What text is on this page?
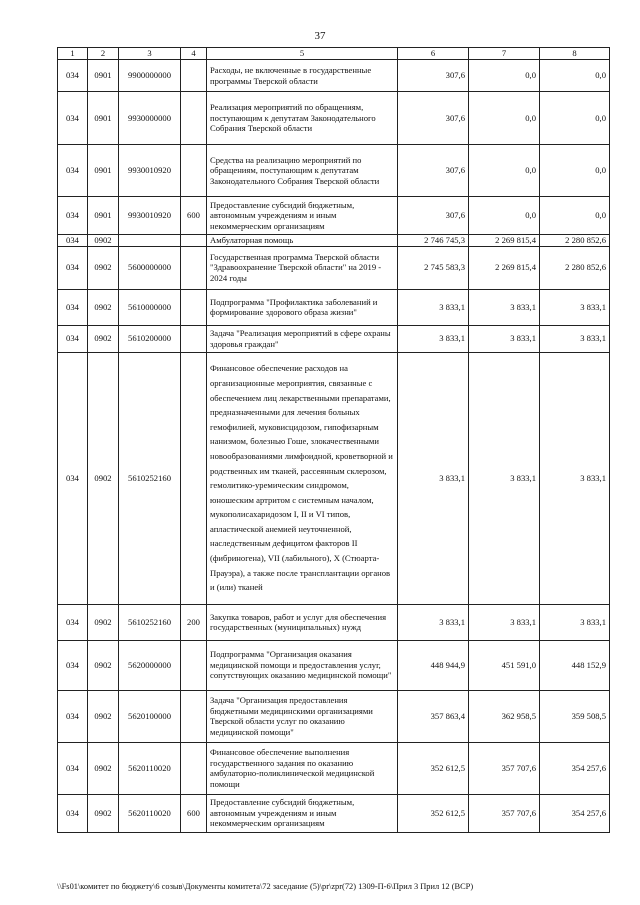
37
1	2	3	4	5	6	7	8
034	0901	9900000000		Расходы, не включенные в государственные программы Тверской области	307,6	0,0	0,0
034	0901	9930000000		Реализация мероприятий по обращениям, поступающим к депутатам Законодательного Собрания Тверской области	307,6	0,0	0,0
034	0901	9930010920		Средства на реализацию мероприятий по обращениям, поступающим к депутатам Законодательного Собрания Тверской области	307,6	0,0	0,0
034	0901	9930010920	600	Предоставление субсидий бюджетным, автономным учреждениям и иным некоммерческим организациям	307,6	0,0	0,0
034	0902			Амбулаторная помощь	2 746 745,3	2 269 815,4	2 280 852,6
034	0902	5600000000		Государственная программа Тверской области "Здравоохранение Тверской области" на 2019 - 2024 годы	2 745 583,3	2 269 815,4	2 280 852,6
034	0902	5610000000		Подпрограмма "Профилактика заболеваний и формирование здорового образа жизни"	3 833,1	3 833,1	3 833,1
034	0902	5610200000		Задача "Реализация мероприятий в сфере охраны здоровья граждан"	3 833,1	3 833,1	3 833,1
034	0902	5610252160		Финансовое обеспечение расходов на организационные мероприятия, связанные с обеспечением лиц лекарственными препаратами, предназначенными для лечения больных гемофилией, муковисцидозом, гипофизарным нанизмом, болезнью Гоше, злокачественными новообразованиями лимфоидной, кроветворной и родственных им тканей, рассеянным склерозом, гемолитико-уремическим синдромом, юношеским артритом с системным началом, мукополисахаридозом I, II и VI типов, апластической анемией неуточненной, наследственным дефицитом факторов II (фибриногена), VII (лабильного), X (Стюарта-Прауэра), а также после трансплантации органов и (или) тканей	3 833,1	3 833,1	3 833,1
034	0902	5610252160	200	Закупка товаров, работ и услуг для обеспечения государственных (муниципальных) нужд	3 833,1	3 833,1	3 833,1
034	0902	5620000000		Подпрограмма "Организация оказания медицинской помощи и предоставления услуг, сопутствующих оказанию медицинской помощи"	448 944,9	451 591,0	448 152,9
034	0902	5620100000		Задача "Организация предоставления бюджетными медицинскими организациями Тверской области услуг по оказанию медицинской помощи"	357 863,4	362 958,5	359 508,5
034	0902	5620110020		Финансовое обеспечение выполнения государственного задания по оказанию амбулаторно-поликлинической медицинской помощи	352 612,5	357 707,6	354 257,6
034	0902	5620110020	600	Предоставление субсидий бюджетным, автономным учреждениям и иным некоммерческим организациям	352 612,5	357 707,6	354 257,6
\\Fs01\комитет по бюджету\6 созыв\Документы комитета\72 заседание (5)\pr\zpr(72) 1309-П-6\Прил 3 Прил 12 (ВСР)
